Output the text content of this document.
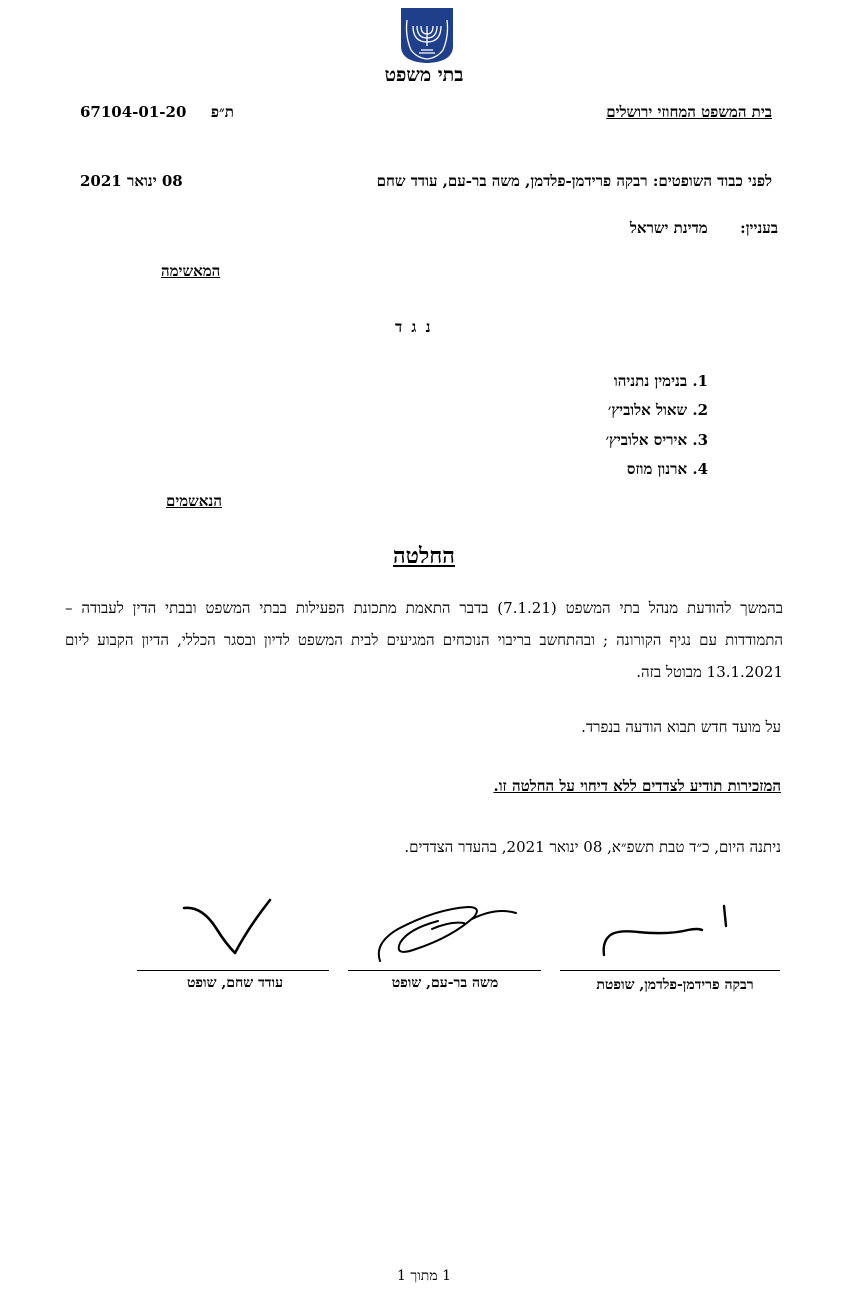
בתי משפט
בית המשפט המחוזי ירושלים
67104-01-20 ת״פ
לפני כבוד השופטים: רבקה פרידמן-פלדמן, משה בר-עם, עודד שחם
08 ינואר 2021
בעניין:  מדינת ישראל
המאשימה
נ ג ד
1. בנימין נתניהו
2. שאול אלוביץ׳
3. איריס אלוביץ׳
4. ארנון מוזס
הנאשמים
החלטה
בהמשך להודעת מנהל בתי המשפט (7.1.21) בדבר התאמת מתכונת הפעילות בבתי המשפט ובבתי הדין לעבודה – התמודדות עם נגיף הקורונה ; ובהתחשב בריבוי הנוכחים המגיעים לבית המשפט לדיון ובסגר הכללי, הדיון הקבוע ליום 13.1.2021 מבוטל בזה.
על מועד חדש תבוא הודעה בנפרד.
המזכירות תודיע לצדדים ללא דיחוי על החלטה זו.
ניתנה היום, כ״ד טבת תשפ״א, 08 ינואר 2021, בהעדר הצדדים.
רבקה פרידמן-פלדמן, שופטת
משה בר-עם, שופט
עודד שחם, שופט
1 מתוך 1
